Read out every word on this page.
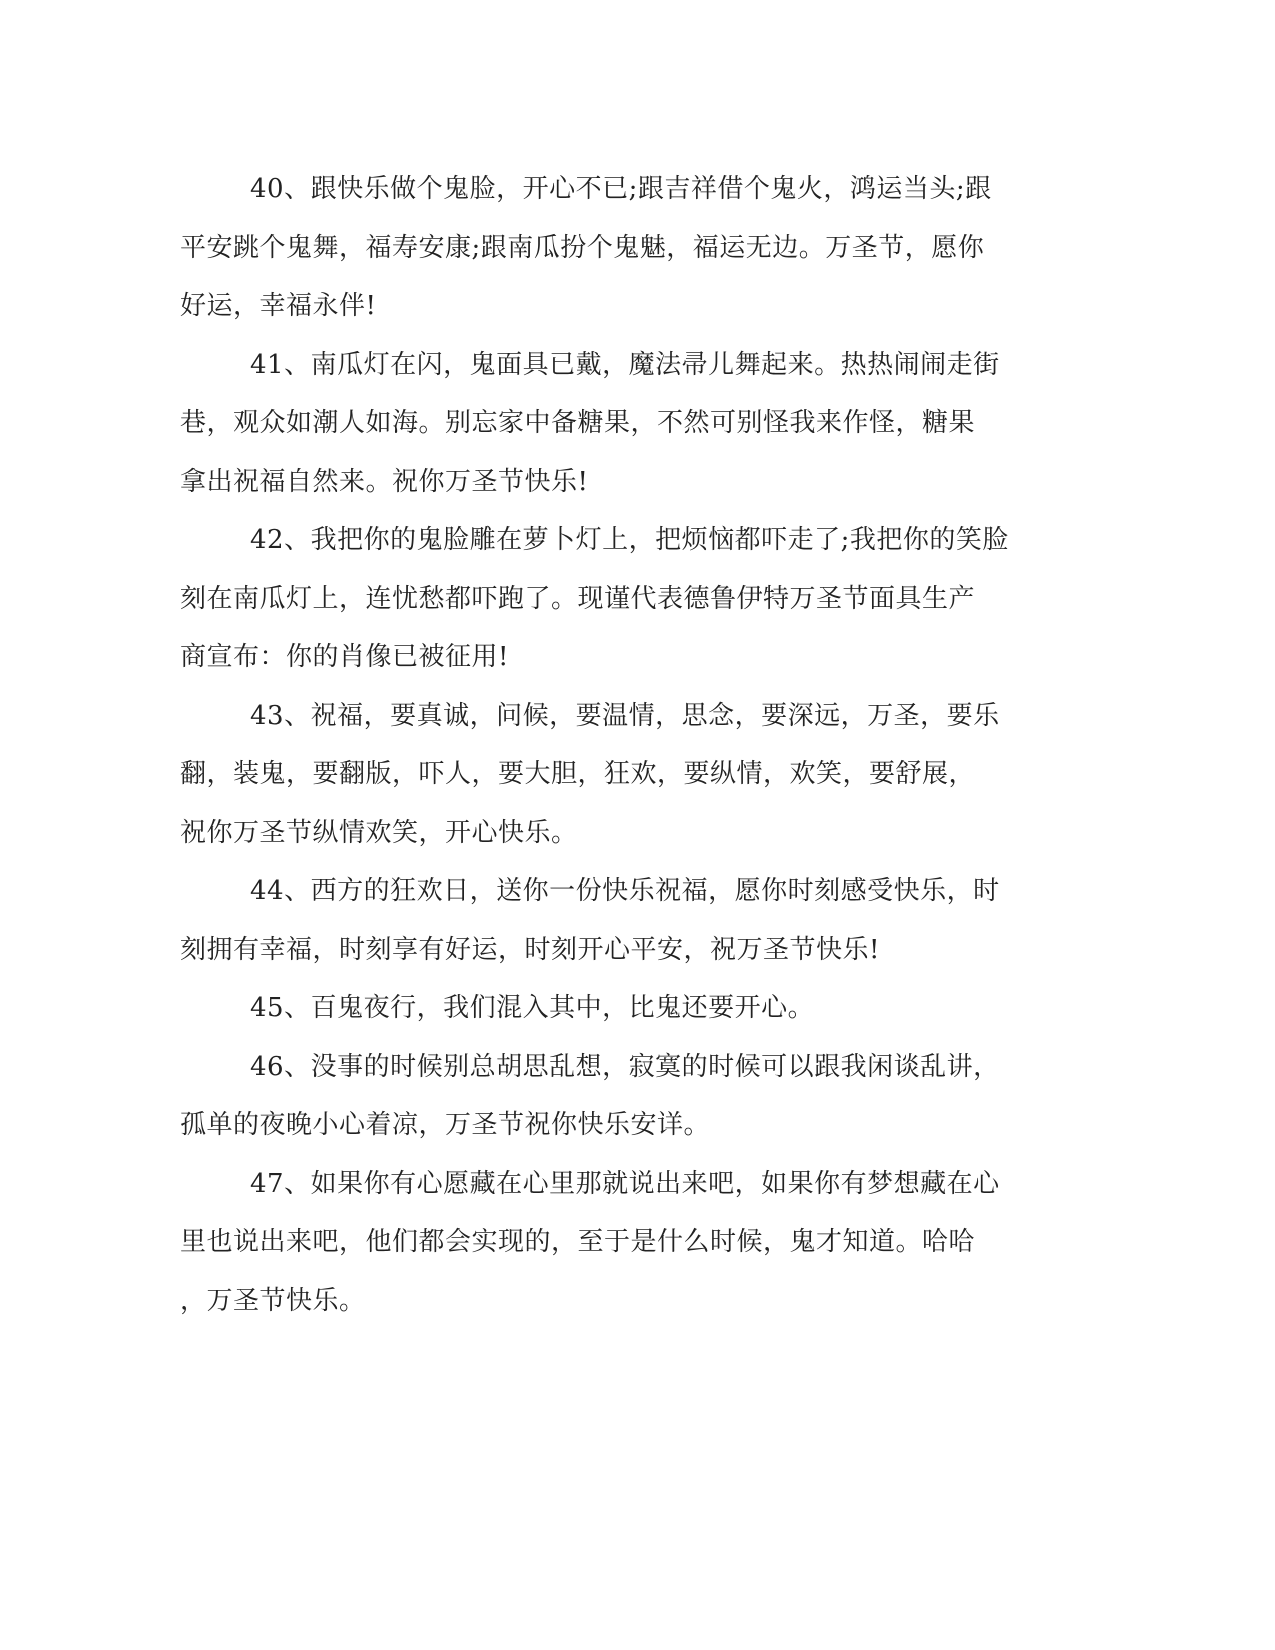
40、跟快乐做个鬼脸，开心不已;跟吉祥借个鬼火，鸿运当头;跟
平安跳个鬼舞，福寿安康;跟南瓜扮个鬼魅，福运无边。万圣节，愿你
好运，幸福永伴!
41、南瓜灯在闪，鬼面具已戴，魔法帚儿舞起来。热热闹闹走街
巷，观众如潮人如海。别忘家中备糖果，不然可别怪我来作怪，糖果
拿出祝福自然来。祝你万圣节快乐!
42、我把你的鬼脸雕在萝卜灯上，把烦恼都吓走了;我把你的笑脸
刻在南瓜灯上，连忧愁都吓跑了。现谨代表德鲁伊特万圣节面具生产
商宣布：你的肖像已被征用!
43、祝福，要真诚，问候，要温情，思念，要深远，万圣，要乐
翻，装鬼，要翻版，吓人，要大胆，狂欢，要纵情，欢笑，要舒展，
祝你万圣节纵情欢笑，开心快乐。
44、西方的狂欢日，送你一份快乐祝福，愿你时刻感受快乐，时
刻拥有幸福，时刻享有好运，时刻开心平安，祝万圣节快乐!
45、百鬼夜行，我们混入其中，比鬼还要开心。
46、没事的时候别总胡思乱想，寂寞的时候可以跟我闲谈乱讲，
孤单的夜晚小心着凉，万圣节祝你快乐安详。
47、如果你有心愿藏在心里那就说出来吧，如果你有梦想藏在心
里也说出来吧，他们都会实现的，至于是什么时候，鬼才知道。哈哈
，万圣节快乐。
